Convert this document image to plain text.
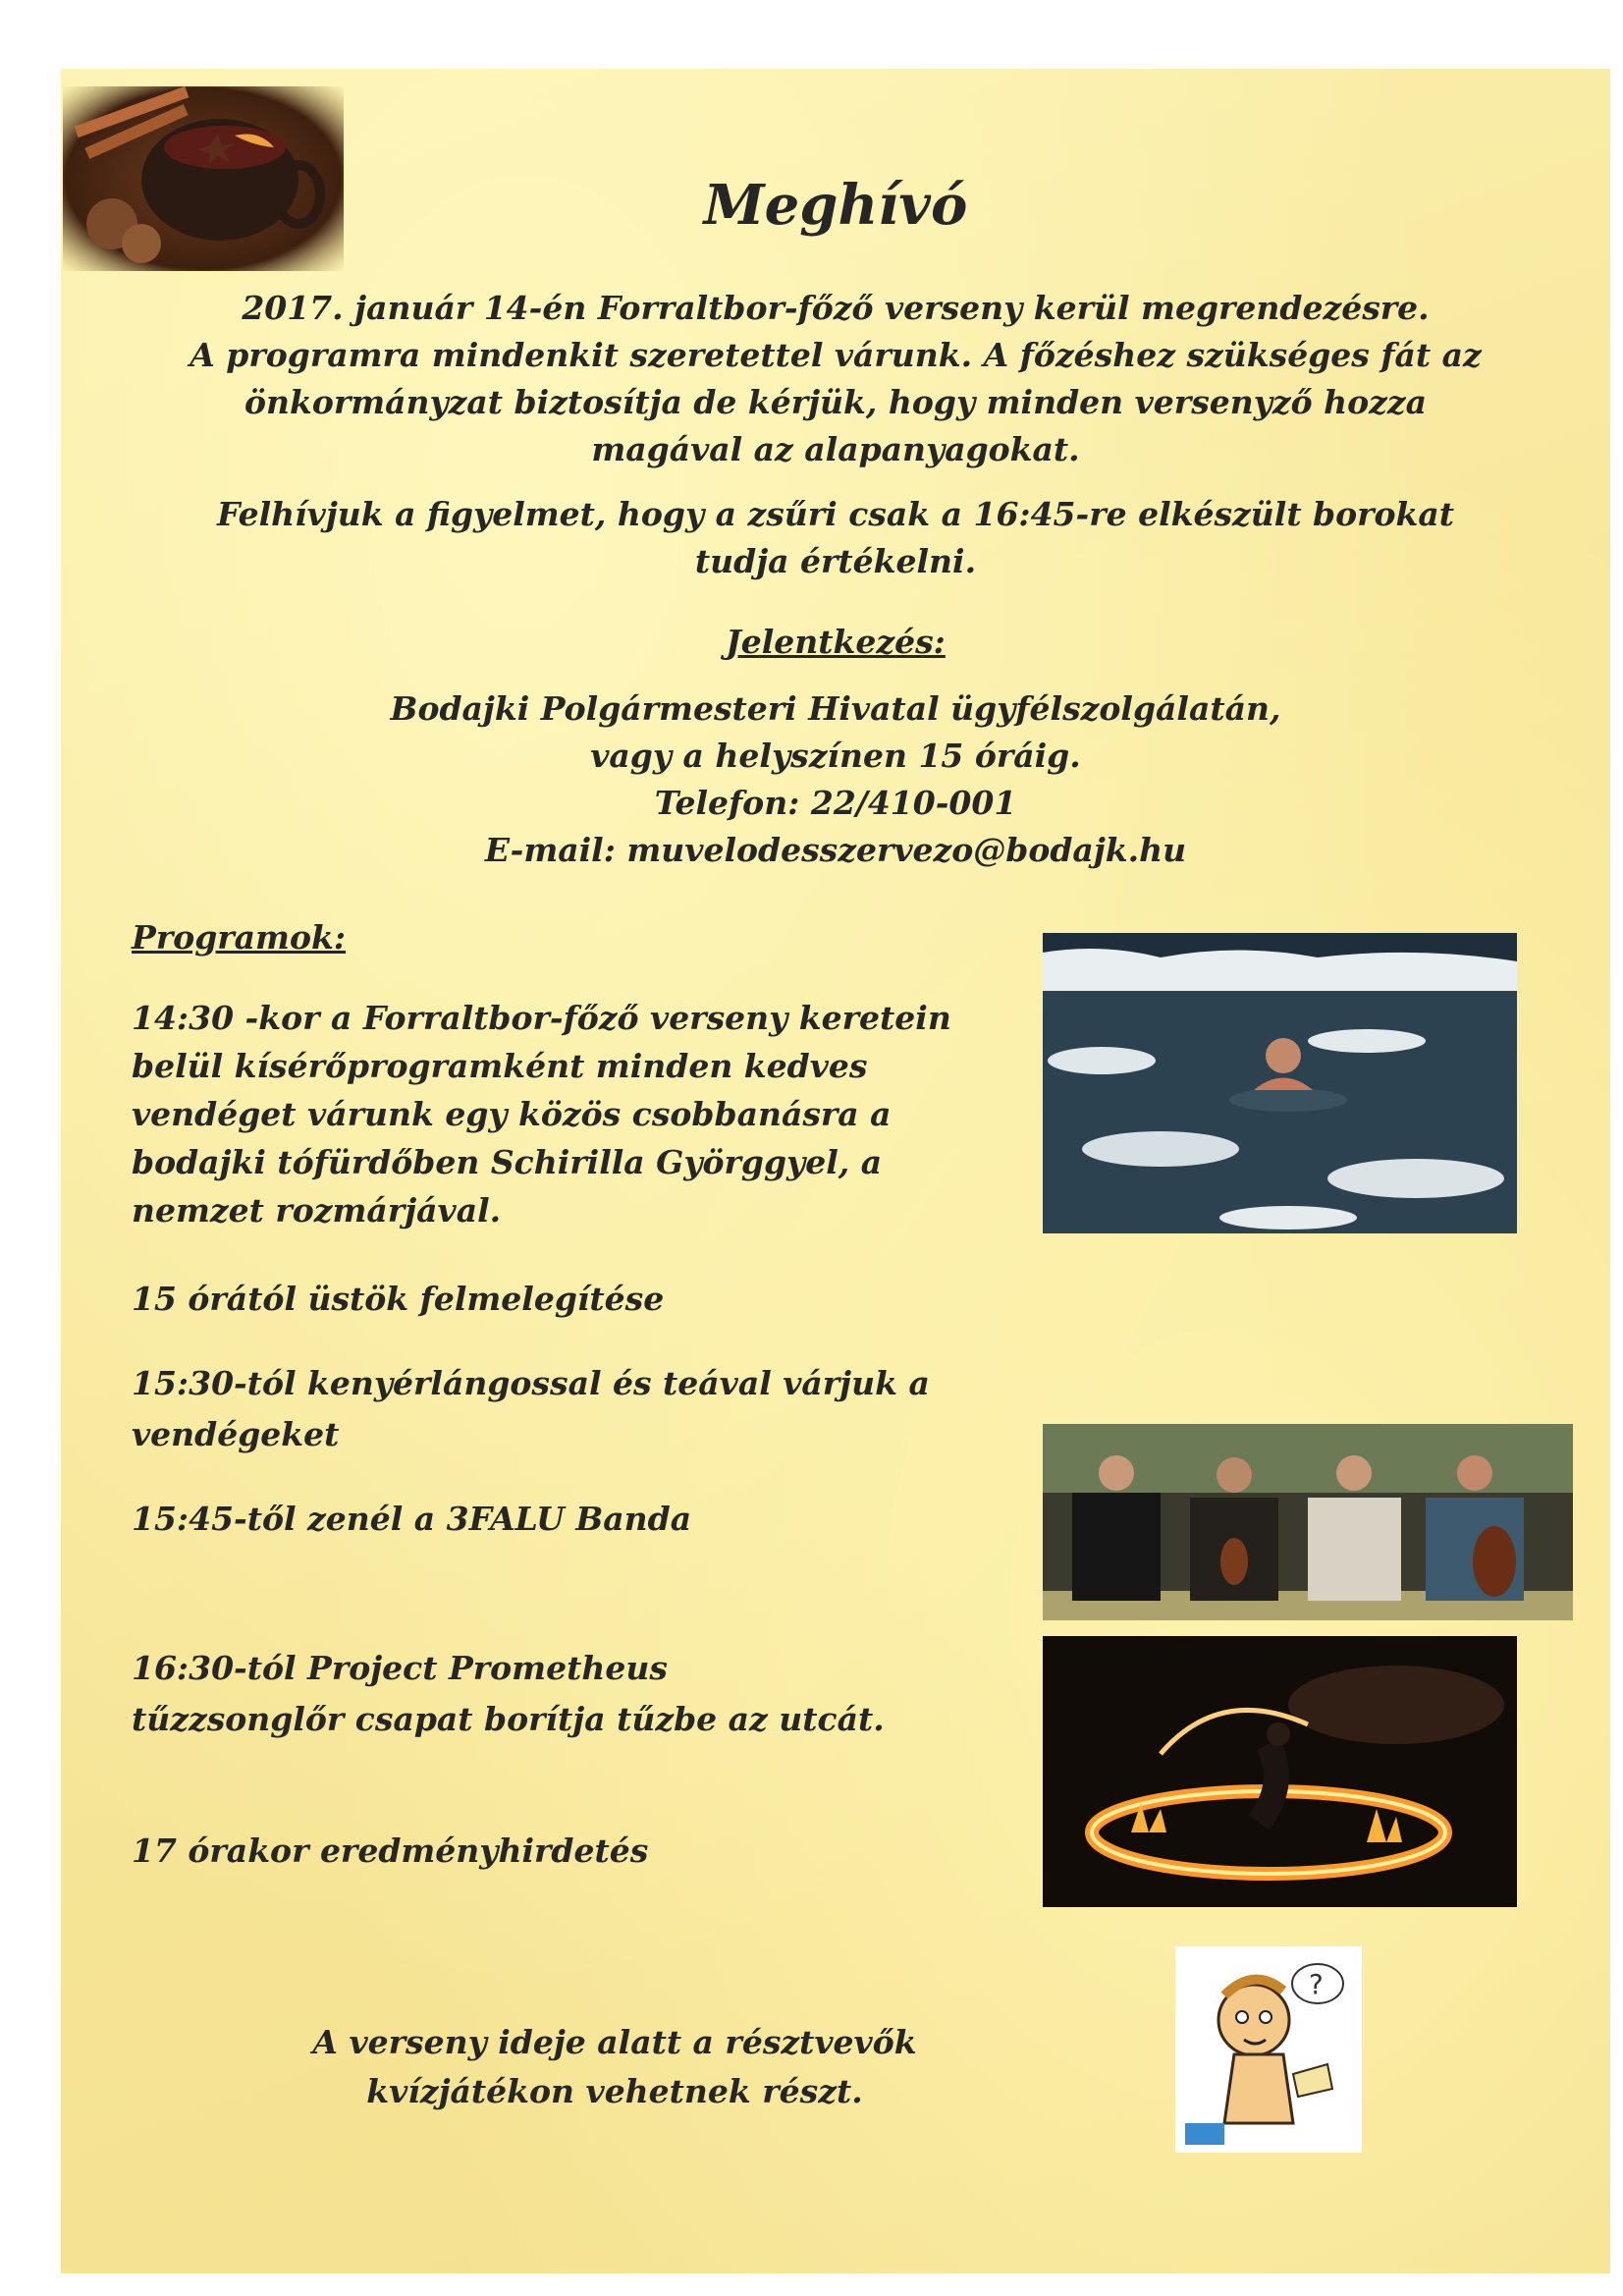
Meghívó

2017. január 14-én Forraltbor-főző verseny kerül megrendezésre.

A programra mindenkit szeretettel várunk. A főzéshez szükséges fát az

önkormányzat biztosítja de kérjük, hogy minden versenyző hozza

magával az alapanyagokat.

Felhívjuk a figyelmet, hogy a zsűri csak a 16:45-re elkészült borokat

tudja értékelni.

Jelentkezés:

Bodajki Polgármesteri Hivatal ügyfélszolgálatán,

vagy a helyszínen 15 óráig.

Telefon: 22/410-001

E-mail: muvelodesszervezo@bodajk.hu

Programok:

14:30 -kor a Forraltbor-főző verseny keretein

belül kísérőprogramként minden kedves

vendéget várunk egy közös csobbanásra a

bodajki tófürdőben Schirilla Györggyel, a

nemzet rozmárjával.

15 órától üstök felmelegítése

15:30-tól kenyérlángossal és teával várjuk a

vendégeket

15:45-től zenél a 3FALU Banda

16:30-tól Project Prometheus

tűzzsonglőr csapat borítja tűzbe az utcát.

17 órakor eredményhirdetés

A verseny ideje alatt a résztvevők

kvízjátékon vehetnek részt.

?
